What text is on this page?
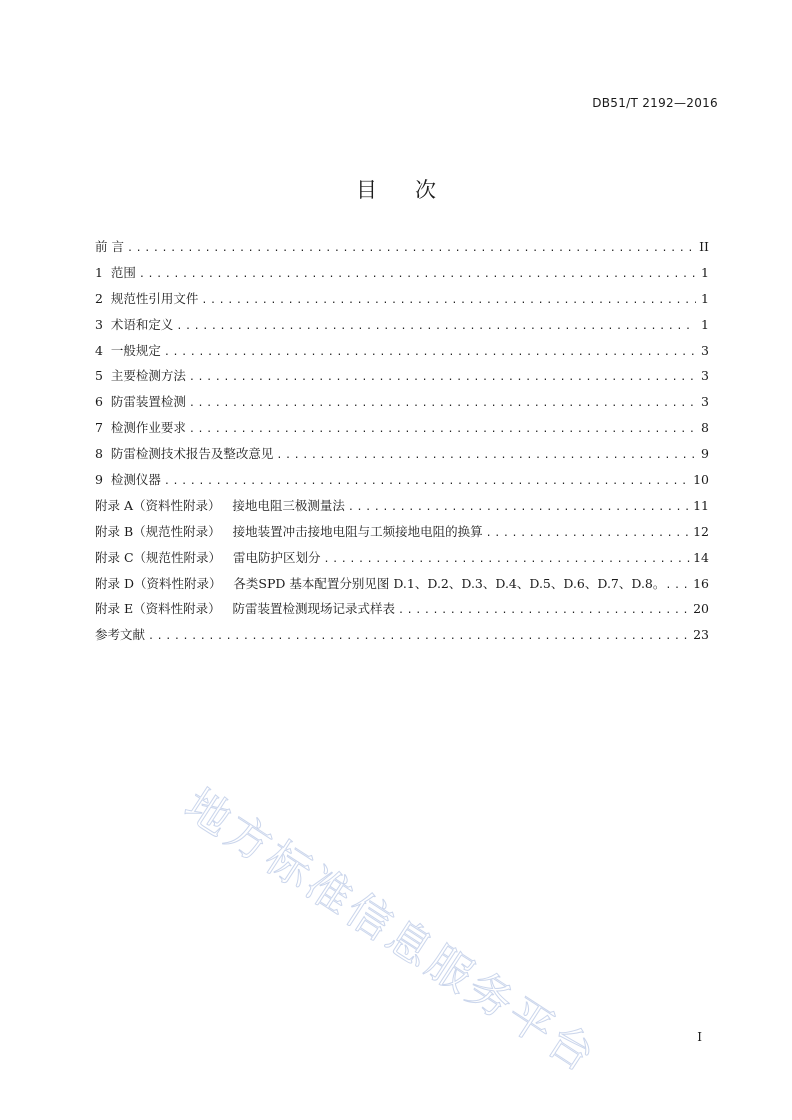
DB51/T 2192—2016
目次
前 言 .....	II
1  范围 .....	1
2  规范性引用文件 .....	1
3  术语和定义 .....	1
4  一般规定 .....	3
5  主要检测方法 .....	3
6  防雷装置检测 .....	3
7  检测作业要求 .....	8
8  防雷检测技术报告及整改意见 .....	9
9  检测仪器 .....	10
附录 A（资料性附录）   接地电阻三极测量法 .....	11
附录 B（规范性附录）   接地装置冲击接地电阻与工频接地电阻的换算 .....	12
附录 C（规范性附录）   雷电防护区划分 .....	14
附录 D（资料性附录）   各类SPD 基本配置分别见图 D.1、D.2、D.3、D.4、D.5、D.6、D.7、D.8。 ..... 16
附录 E（资料性附录）   防雷装置检测现场记录式样表 .....	20
参考文献 .....	23
地方标准信息服务平台	I
